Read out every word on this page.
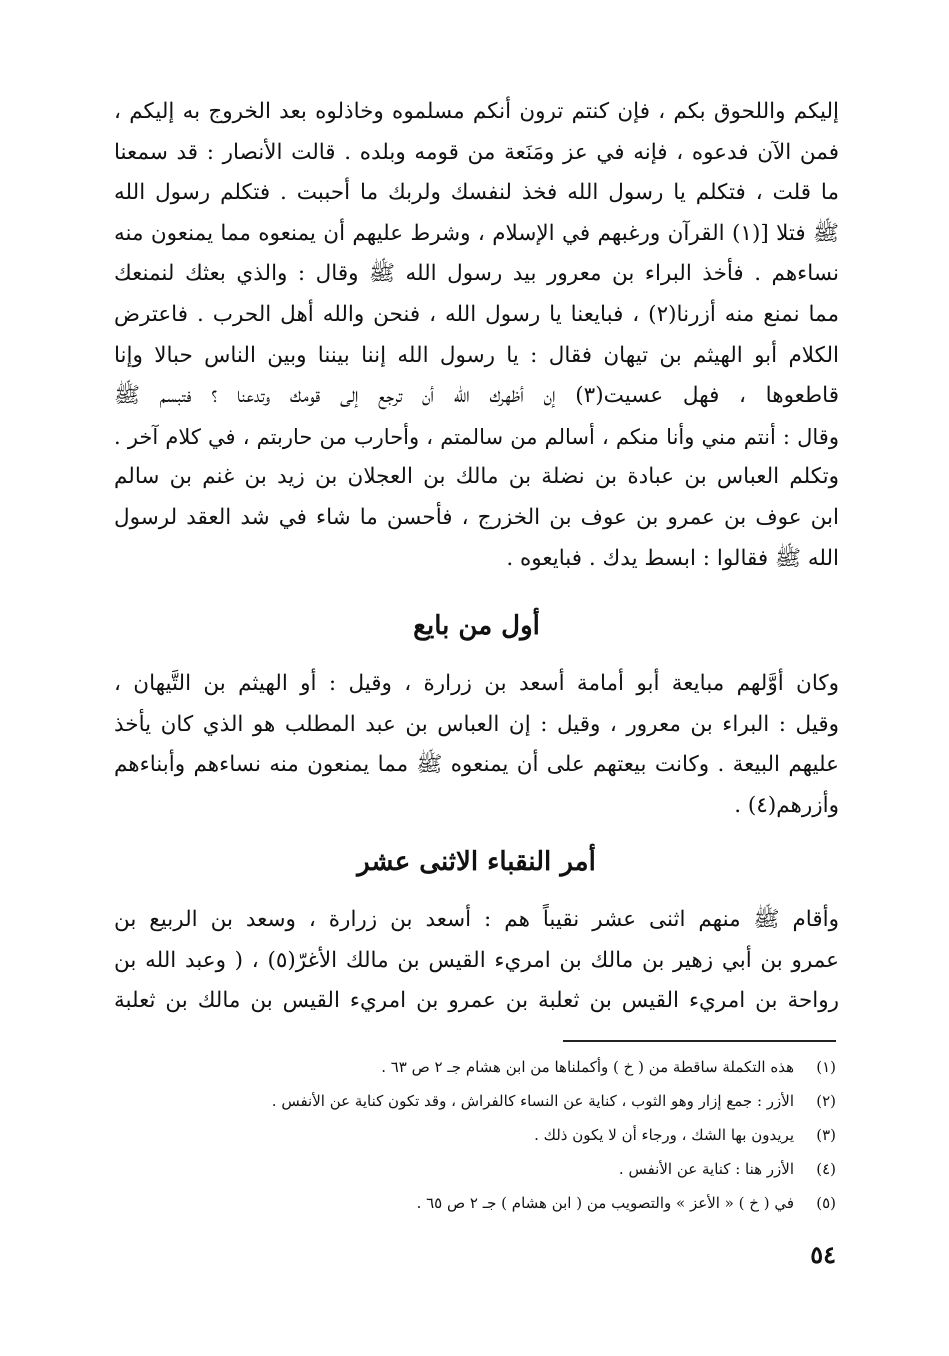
إليكم واللحوق بكم ، فإن كنتم ترون أنكم مسلموه وخاذلوه بعد الخروج به إليكم ،
فمن الآن فدعوه ، فإنه في عز ومَنَعة من قومه وبلده . قالت الأنصار : قد سمعنا
ما قلت ، فتكلم يا رسول الله فخذ لنفسك ولربك ما أحببت . فتكلم رسول الله
ﷺ فتلا [(١) القرآن ورغبهم في الإسلام ، وشرط عليهم أن يمنعوه مما يمنعون منه
نساءهم . فأخذ البراء بن معرور بيد رسول الله ﷺ وقال : والذي بعثك لنمنعك
مما نمنع منه أزرنا(٢) ، فبايعنا يا رسول الله ، فنحن والله أهل الحرب . فاعترض
الكلام أبو الهيثم بن تيهان فقال : يا رسول الله إننا بيننا وبين الناس حبالا وإنا
قاطعوها ، فهل عسيت(٣) إن أظهرك الله أن ترجع إلى قومك وتدعنا ؟ فتبسم ﷺ
وقال : أنتم مني وأنا منكم ، أسالم من سالمتم ، وأحارب من حاربتم ، في كلام آخر .
وتكلم العباس بن عبادة بن نضلة بن مالك بن العجلان بن زيد بن غنم بن سالم
ابن عوف بن عمرو بن عوف بن الخزرج ، فأحسن ما شاء في شد العقد لرسول
الله ﷺ فقالوا : ابسط يدك . فبايعوه .
أول من بايع
وكان أوَّلهم مبايعة أبو أمامة أسعد بن زرارة ، وقيل : أو الهيثم بن التَّيهان ،
وقيل : البراء بن معرور ، وقيل : إن العباس بن عبد المطلب هو الذي كان يأخذ
عليهم البيعة . وكانت بيعتهم على أن يمنعوه ﷺ مما يمنعون منه نساءهم وأبناءهم
وأزرهم(٤) .
أمر النقباء الاثنى عشر
وأقام ﷺ منهم اثنى عشر نقيباً هم : أسعد بن زرارة ، وسعد بن الربيع بن
عمرو بن أبي زهير بن مالك بن امريء القيس بن مالك الأغرّ(٥) ، ( وعبد الله بن
رواحة بن امريء القيس بن ثعلبة بن عمرو بن امريء القيس بن مالك بن ثعلبة
(١)هذه التكملة ساقطة من ( خ ) وأكملناها من ابن هشام جـ ٢ ص ٦٣ .
(٢)الأزر : جمع إزار وهو الثوب ، كناية عن النساء كالفراش ، وقد تكون كناية عن الأنفس .
(٣)يريدون بها الشك ، ورجاء أن لا يكون ذلك .
(٤)الأزر هنا : كناية عن الأنفس .
(٥)في ( خ ) « الأعز » والتصويب من ( ابن هشام ) جـ ٢ ص ٦٥ .
٥٤
